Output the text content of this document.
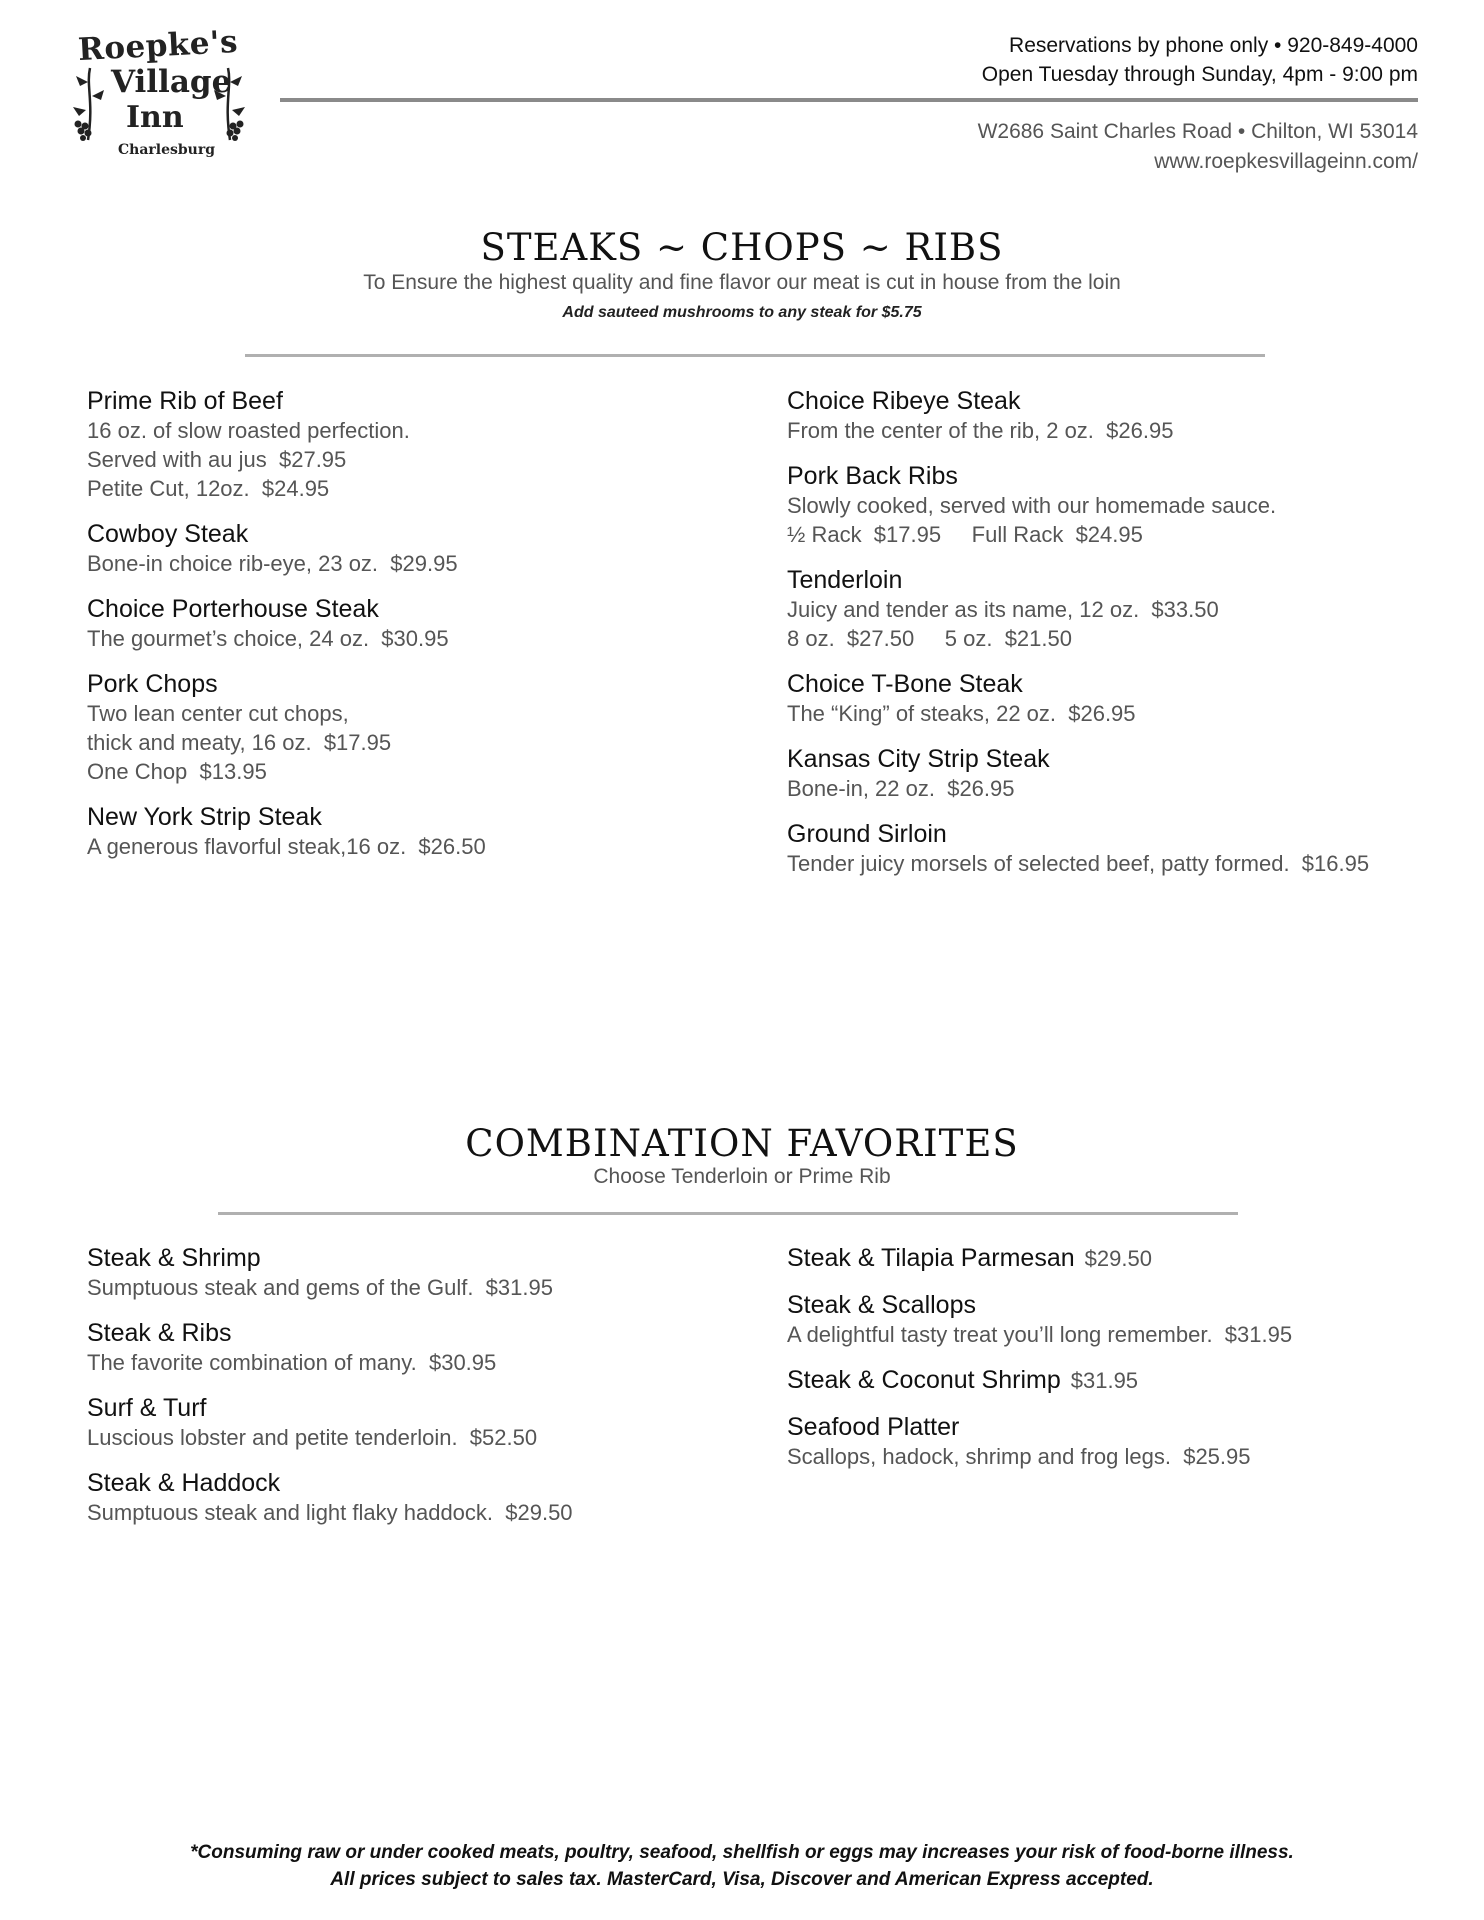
Roepke's
Village
Inn
Charlesburg
Reservations by phone only • 920-849-4000
Open Tuesday through Sunday, 4pm - 9:00 pm
W2686 Saint Charles Road • Chilton, WI 53014
www.roepkesvillageinn.com/
STEAKS ~ CHOPS ~ RIBS
To Ensure the highest quality and fine flavor our meat is cut in house from the loin
Add sauteed mushrooms to any steak for $5.75
Prime Rib of Beef
16 oz. of slow roasted perfection.
Served with au jus  $27.95
Petite Cut, 12oz.  $24.95
Cowboy Steak
Bone-in choice rib-eye, 23 oz.  $29.95
Choice Porterhouse Steak
The gourmet’s choice, 24 oz.  $30.95
Pork Chops
Two lean center cut chops,
thick and meaty, 16 oz.  $17.95
One Chop  $13.95
New York Strip Steak
A generous flavorful steak,16 oz.  $26.50
Choice Ribeye Steak
From the center of the rib, 2 oz.  $26.95
Pork Back Ribs
Slowly cooked, served with our homemade sauce.
½ Rack  $17.95     Full Rack  $24.95
Tenderloin
Juicy and tender as its name, 12 oz.  $33.50
8 oz.  $27.50     5 oz.  $21.50
Choice T-Bone Steak
The “King” of steaks, 22 oz.  $26.95
Kansas City Strip Steak
Bone-in, 22 oz.  $26.95
Ground Sirloin
Tender juicy morsels of selected beef, patty formed.  $16.95
COMBINATION FAVORITES
Choose Tenderloin or Prime Rib
Steak & Shrimp
Sumptuous steak and gems of the Gulf.  $31.95
Steak & Ribs
The favorite combination of many.  $30.95
Surf & Turf
Luscious lobster and petite tenderloin.  $52.50
Steak & Haddock
Sumptuous steak and light flaky haddock.  $29.50
Steak & Tilapia Parmesan $29.50
Steak & Scallops
A delightful tasty treat you’ll long remember.  $31.95
Steak & Coconut Shrimp $31.95
Seafood Platter
Scallops, hadock, shrimp and frog legs.  $25.95
*Consuming raw or under cooked meats, poultry, seafood, shellfish or eggs may increases your risk of food-borne illness.
All prices subject to sales tax. MasterCard, Visa, Discover and American Express accepted.
